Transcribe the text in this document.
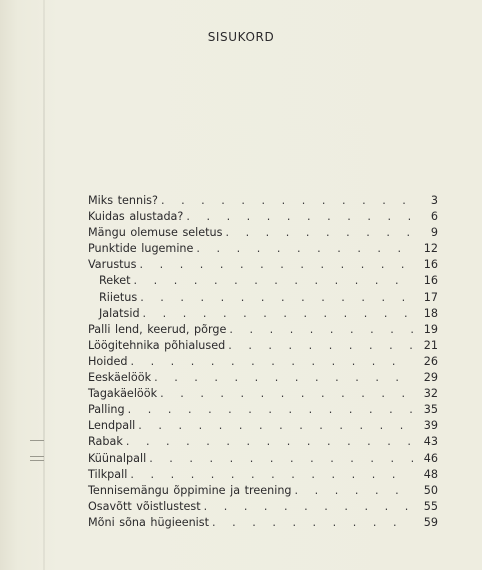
SISUKORD
Miks tennis? . . .	3
Kuidas alustada? . . .	6
Mängu olemuse seletus . . .	9
Punktide lugemine . . .	12
Varustus . . .	16
Reket . . .	16
Riietus . . .	17
Jalatsid . . .	18
Palli lend, keerud, põrge . . .	19
Löögitehnika põhialused . . .	21
Hoided . . .	26
Eeskäelöök . . .	29
Tagakäelöök . . .	32
Palling . . .	35
Lendpall . . .	39
Rabak . . .	43
Küünalpall . . .	46
Tilkpall . . .	48
Tennisemängu õppimine ja treening . . .	50
Osavõtt võistlustest . . .	55
Mõni sõna hügieenist . . .	59
